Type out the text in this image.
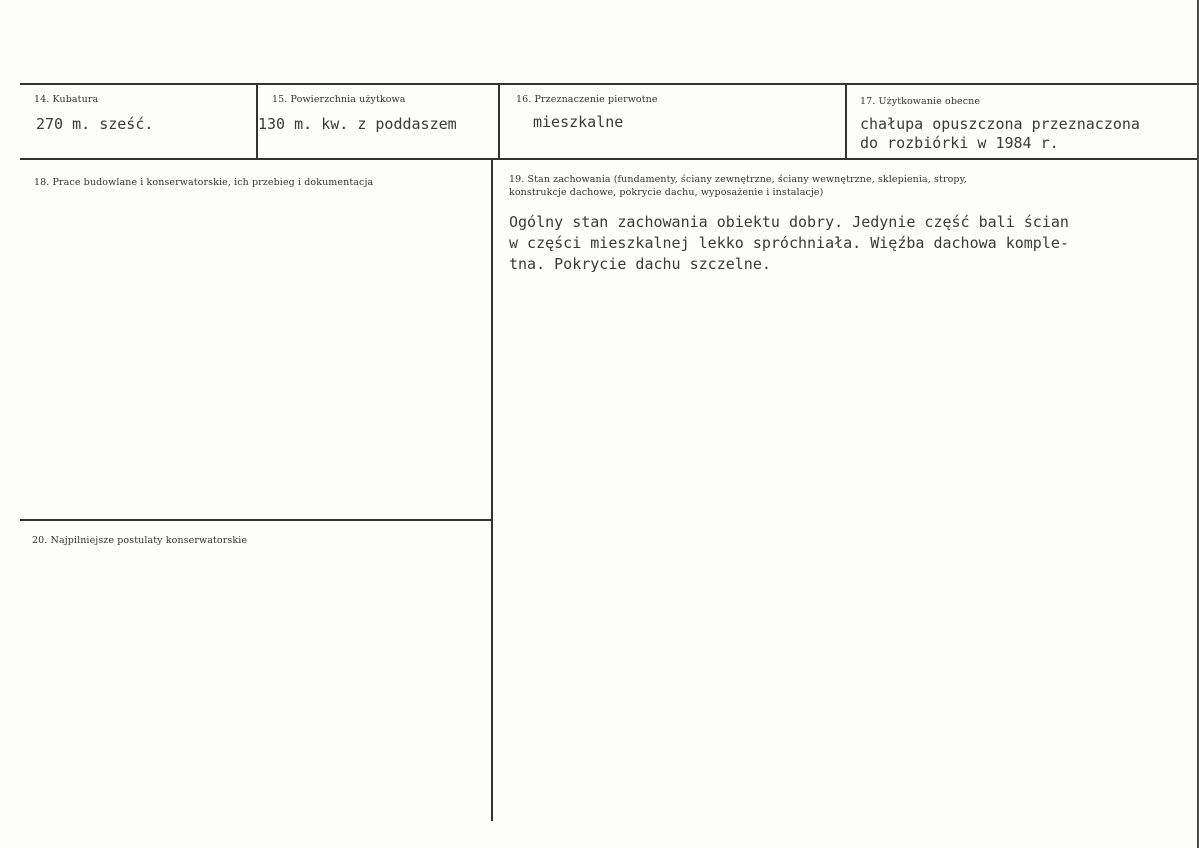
14. Kubatura
270 m. sześć.
15. Powierzchnia użytkowa
130 m. kw. z poddaszem
16. Przeznaczenie pierwotne
mieszkalne
17. Użytkowanie obecne
chałupa opuszczona przeznaczona
do rozbiórki w 1984 r.
18. Prace budowlane i konserwatorskie, ich przebieg i dokumentacja	19. Stan zachowania (fundamenty, ściany zewnętrzne, ściany wewnętrzne, sklepienia, stropy,
konstrukcje dachowe, pokrycie dachu, wyposażenie i instalacje)
Ogólny stan zachowania obiektu dobry. Jedynie część bali ścian
w części mieszkalnej lekko spróchniała. Więźba dachowa komple-
tna. Pokrycie dachu szczelne.
20. Najpilniejsze postulaty konserwatorskie
